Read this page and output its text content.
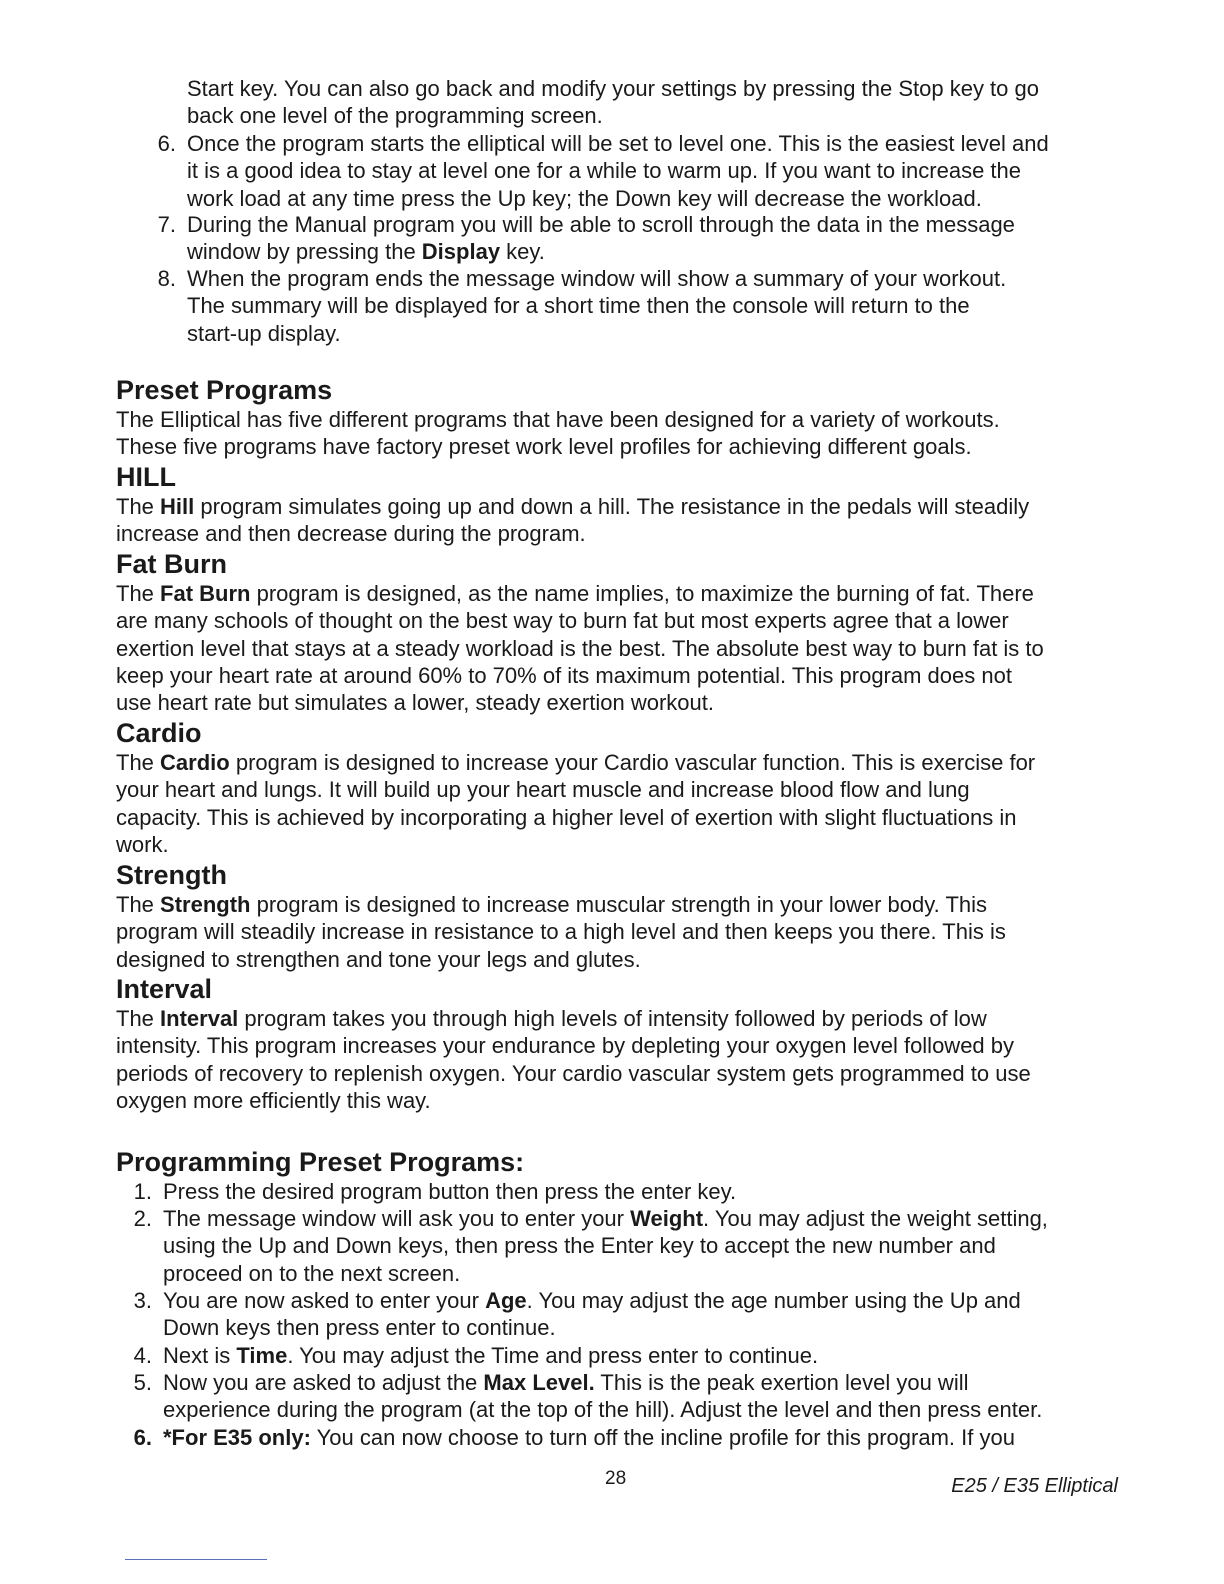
Start key. You can also go back and modify your settings by pressing the Stop key to go
back one level of the programming screen.
6. Once the program starts the elliptical will be set to level one. This is the easiest level and
it is a good idea to stay at level one for a while to warm up. If you want to increase the
work load at any time press the Up key; the Down key will decrease the workload.
7. During the Manual program you will be able to scroll through the data in the message
window by pressing the Display key.
8. When the program ends the message window will show a summary of your workout.
The summary will be displayed for a short time then the console will return to the
start-up display.
Preset Programs
The Elliptical has five different programs that have been designed for a variety of workouts.
These five programs have factory preset work level profiles for achieving different goals.
HILL
The Hill program simulates going up and down a hill. The resistance in the pedals will steadily
increase and then decrease during the program.
Fat Burn
The Fat Burn program is designed, as the name implies, to maximize the burning of fat. There
are many schools of thought on the best way to burn fat but most experts agree that a lower
exertion level that stays at a steady workload is the best. The absolute best way to burn fat is to
keep your heart rate at around 60% to 70% of its maximum potential. This program does not
use heart rate but simulates a lower, steady exertion workout.
Cardio
The Cardio program is designed to increase your Cardio vascular function. This is exercise for
your heart and lungs. It will build up your heart muscle and increase blood flow and lung
capacity. This is achieved by incorporating a higher level of exertion with slight fluctuations in
work.
Strength
The Strength program is designed to increase muscular strength in your lower body. This
program will steadily increase in resistance to a high level and then keeps you there. This is
designed to strengthen and tone your legs and glutes.
Interval
The Interval program takes you through high levels of intensity followed by periods of low
intensity. This program increases your endurance by depleting your oxygen level followed by
periods of recovery to replenish oxygen. Your cardio vascular system gets programmed to use
oxygen more efficiently this way.
Programming Preset Programs:
1. Press the desired program button then press the enter key.
2. The message window will ask you to enter your Weight. You may adjust the weight setting,
using the Up and Down keys, then press the Enter key to accept the new number and
proceed on to the next screen.
3. You are now asked to enter your Age. You may adjust the age number using the Up and
Down keys then press enter to continue.
4. Next is Time. You may adjust the Time and press enter to continue.
5. Now you are asked to adjust the Max Level. This is the peak exertion level you will
experience during the program (at the top of the hill). Adjust the level and then press enter.
6. *For E35 only: You can now choose to turn off the incline profile for this program. If you
28	E25 / E35 Elliptical
